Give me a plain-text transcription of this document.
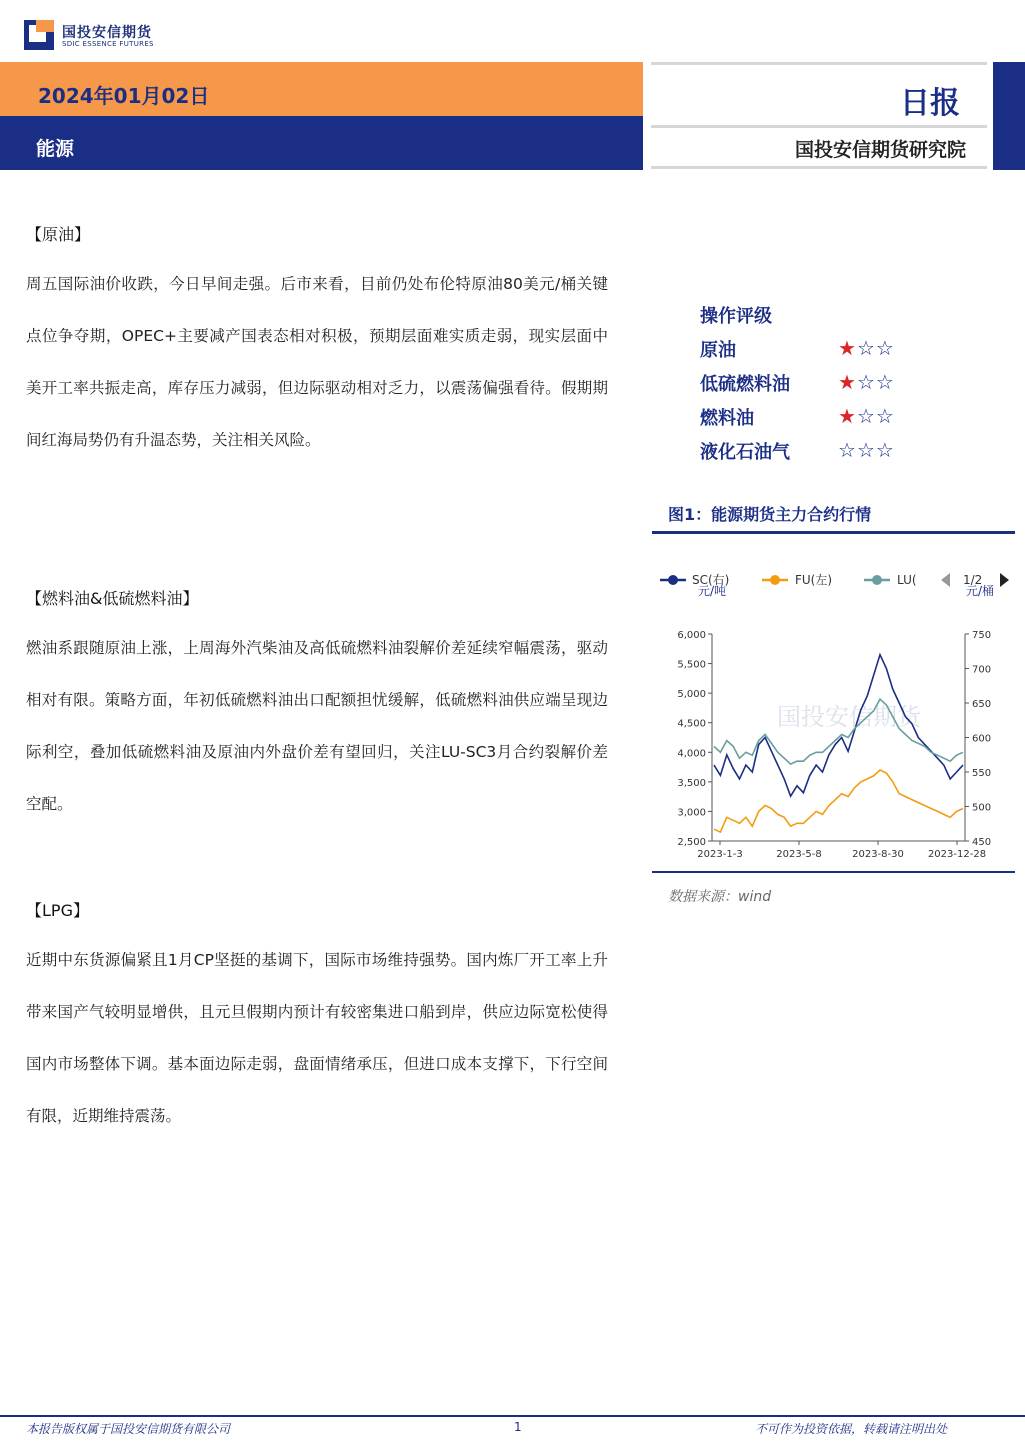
国投安信期货
SDIC ESSENCE FUTURES
2024年01月02日
能源
日报
国投安信期货研究院
【原油】

周五国际油价收跌，今日早间走强。后市来看，目前仍处布伦特原油80美元/桶关键点位争夺期，OPEC+主要减产国表态相对积极，预期层面难实质走弱，现实层面中美开工率共振走高，库存压力减弱，但边际驱动相对乏力，以震荡偏强看待。假期期间红海局势仍有升温态势，关注相关风险。

【燃料油&低硫燃料油】

燃油系跟随原油上涨，上周海外汽柴油及高低硫燃料油裂解价差延续窄幅震荡，驱动相对有限。策略方面，年初低硫燃料油出口配额担忧缓解，低硫燃料油供应端呈现边际利空，叠加低硫燃料油及原油内外盘价差有望回归，关注LU-SC3月合约裂解价差空配。

【LPG】

近期中东货源偏紧且1月CP坚挺的基调下，国际市场维持强势。国内炼厂开工率上升带来国产气较明显增供，且元旦假期内预计有较密集进口船到岸，供应边际宽松使得国内市场整体下调。基本面边际走弱，盘面情绪承压，但进口成本支撑下，下行空间有限，近期维持震荡。

操作评级
原油	★☆☆
低硫燃料油 ★☆☆
燃料油	★☆☆
液化石油气 ☆☆☆
图1：能源期货主力合约行情
SC(右)	FU(左)	LU(	1/2
元/吨	元/桶
国投安信期货
6,000
5,500
5,000
4,500
4,000
3,500
3,000
2,500
750
700
650
600
550
500
450
2023-1-3	2023-5-8	2023-8-30 2023-12-28
数据来源：wind
本报告版权属于国投安信期货有限公司	1	不可作为投资依据，转载请注明出处
